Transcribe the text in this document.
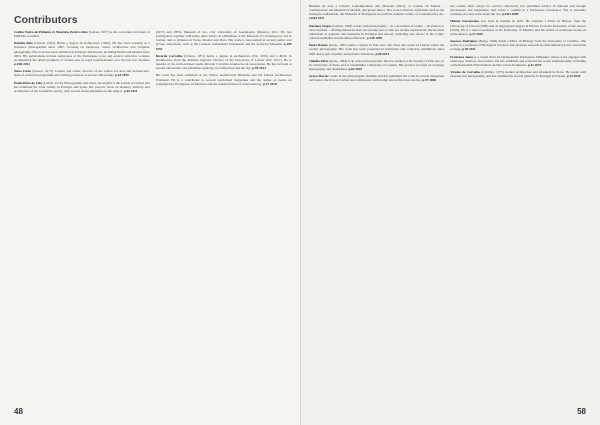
Contributors

Cecilia Vieira de Pinheiro & Mauricio Pereira Reis (Lisbon, 1957) is the co-founder and head of PORTAL Coimbra.

Daniela Belo (Lisbon, 1962). Holds a degree in architecture (1992). He has been working as a freelance photographer since 1997, focusing on landscape, urban, architecture and sculpture photography. His work has been exhibited in Portugal and abroad, including Berlin and Madrid since 2004. His publications include landscapes of the Portuguese coast and several collective volumes documenting the urban periphery of Lisbon and its rapid transformation over the last two decades. p.FRI 2012

Nuno Faria (Lisbon, 1973). Curator and writer, director of the Centre for Arts and Architecture, head of curatorial programme and visiting professor at several universities. p.18 1999

Paulo Pinto de Vale (Lisbon, 1970). Photographer and editor, he studied at the Lisbon art school and has exhibited his work widely in Portugal and Spain. His projects focus on memory, territory and architecture of the twentieth century, with several books published on the subject. p.49 2021

(1957) and PETA Museum of Art, City University of Guadalajara (Mexico) 2011. He has participated, together with many other artists, in exhibitions at the Museum of Contemporary Art in Lisbon, and at galleries in Porto, Madrid and Paris. His work is represented in several public and private collections, such as the Calouste Gulbenkian Foundation and the Serralves Museum. p.186 1991

Ricardo Carvalho (Lisbon, 1971) holds a degree in Architecture (FA, 1995) and a Ph.D. in Architecture from the Instituto Superior Técnico of the University of Lisbon (IST, 2017). He is founder of the Lisbon-based studio Ricardo Carvalho Arquitectos & Associados. He has lectured at several universities and publishes regularly on architecture and the city. p.99 2014

His work has been exhibited at the Venice Architecture Biennale and the Lisbon Architecture Triennale. He is a contributor to several specialised magazines and the author of books on contemporary Portuguese architecture and the transformation of urban territory. p.27 2018

48

Biennial de Arte e Cultura Contemporânea and Museum (2021), at Galerie du Monde – Contemporary Art Museum of Madrid, and group shows. Her work is held in collections such as the Fundação Gulbenkian, the Museum of Portuguese Art and the Atlantic Centre of Contemporary Art. p.FRI 2011

Mariana Viegas (Lisbon, 1969) works with photography – as a document of reality – in relation to texts and time – offering memories that can become ours or that are readily experienced; she has held exhibitions at galleries and museums in Portugal and abroad, including solo shows at the Centro Cultural de Belém and the Museu Berardo. p.138 1999

Paula Dantas (Porto, 1967) holds a degree in Fine Arts. She lives and works in Lisbon where she teaches photography. Her work has been presented in individual and collective exhibitions since 1993 and is part of public and private collections. p.88 2014

Cláudia Pinto (Porto, 1984) is an artist and researcher. She has studied at the Faculty of Fine Arts of the University of Porto and at Goldsmiths, University of London. Her practice is based on drawing, photography and installation. p.64 2018

Graça Morais works in the photographic medium and has published her work in several magazines and books; she lives in Lisbon and collaborates with design and architecture studios. p.97 2006

has written short essays for several collections; has published articles in national and foreign newspapers and magazines; and writes a column in a Portuguese newspaper. She is currently working on a new book about the city. p.FRI 2008

Helena Vasconcelos was born in Fundão in 1955. He obtained a Ph.D. in History from the University of Lisbon (2000) and an Aggregated degree in History from the University of the Azores (2010). He is a retired professor at the University of Madeira and the author of numerous books on urban history. p.22 2019

Sucesso Rodrigues (Braga, 1969) holds a Ph.D. in Biology from the University of Coimbra. She works as a professor of Biological Sciences and develops research in environmental policy and urban ecology. p.99 2011

Francisco Jones is a visual artist and independent Portuguese filmmaker whose work engages with landscape, memory and politics. He has exhibited and screened his works internationally, including at the Rotterdam Film Festival and the Centre Pompidou. p.41 2019

Vicente de Carvalho (Coimbra, 1975) studied architecture and urbanism in Porto. He works with drawing and photography, and has exhibited in several galleries in Portugal and Spain. p.32 2020

58
